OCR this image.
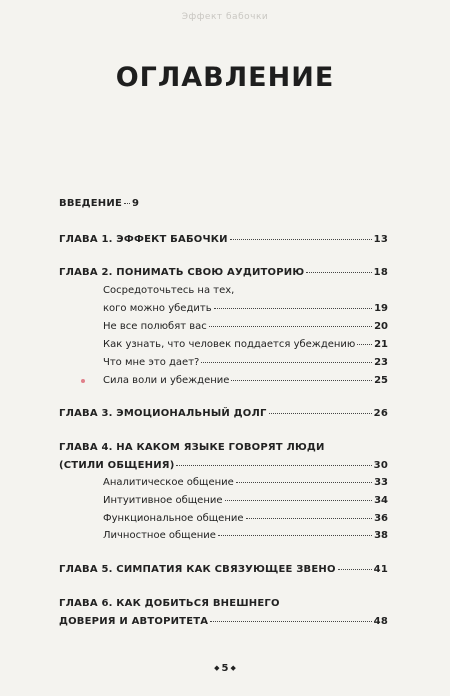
Эффект бабочки
ОГЛАВЛЕНИЕ
ВВЕДЕНИЕ 9
ГЛАВА 1. ЭФФЕКТ БАБОЧКИ	13
ГЛАВА 2. ПОНИМАТЬ СВОЮ АУДИТОРИЮ	18
Сосредоточьтесь на тех,
кого можно убедить	19
Не все полюбят вас	20
Как узнать, что человек поддается убеждению 21
Что мне это дает?	23
Сила воли и убеждение	25
ГЛАВА 3. ЭМОЦИОНАЛЬНЫЙ ДОЛГ	26
ГЛАВА 4. НА КАКОМ ЯЗЫКЕ ГОВОРЯТ ЛЮДИ
(СТИЛИ ОБЩЕНИЯ)	30
Аналитическое общение	33
Интуитивное общение	34
Функциональное общение	36
Личностное общение	38
ГЛАВА 5. СИМПАТИЯ КАК СВЯЗУЮЩЕЕ ЗВЕНО	41
ГЛАВА 6. КАК ДОБИТЬСЯ ВНЕШНЕГО
ДОВЕРИЯ И АВТОРИТЕТА	48
◆ 5 ◆
